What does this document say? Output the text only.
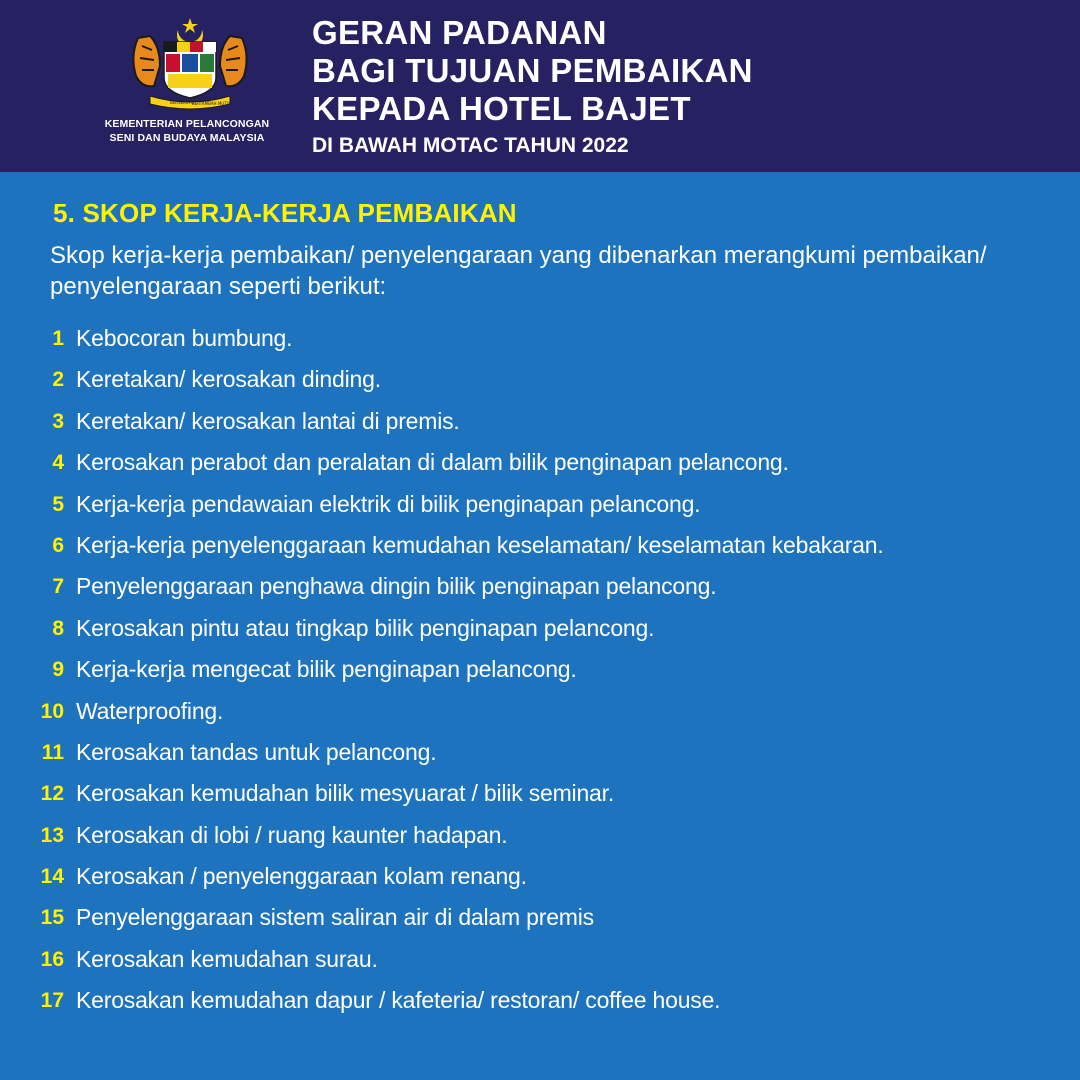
BERSEKUTU
BERTAMBAH MUTU
KEMENTERIAN PELANCONGAN
SENI DAN BUDAYA MALAYSIA
GERAN PADANAN
BAGI TUJUAN PEMBAIKAN
KEPADA HOTEL BAJET
DI BAWAH MOTAC TAHUN 2022
5. SKOP KERJA-KERJA PEMBAIKAN
Skop kerja-kerja pembaikan/ penyelengaraan yang dibenarkan merangkumi pembaikan/ penyelengaraan seperti berikut:
1 Kebocoran bumbung.
2 Keretakan/ kerosakan dinding.
3 Keretakan/ kerosakan lantai di premis.
4 Kerosakan perabot dan peralatan di dalam bilik penginapan pelancong.
5 Kerja-kerja pendawaian elektrik di bilik penginapan pelancong.
6 Kerja-kerja penyelenggaraan kemudahan keselamatan/ keselamatan kebakaran.
7 Penyelenggaraan penghawa dingin bilik penginapan pelancong.
8 Kerosakan pintu atau tingkap bilik penginapan pelancong.
9 Kerja-kerja mengecat bilik penginapan pelancong.
10 Waterproofing.
11 Kerosakan tandas untuk pelancong.
12 Kerosakan kemudahan bilik mesyuarat / bilik seminar.
13 Kerosakan di lobi / ruang kaunter hadapan.
14 Kerosakan / penyelenggaraan kolam renang.
15 Penyelenggaraan sistem saliran air di dalam premis
16 Kerosakan kemudahan surau.
17 Kerosakan kemudahan dapur / kafeteria/ restoran/ coffee house.
